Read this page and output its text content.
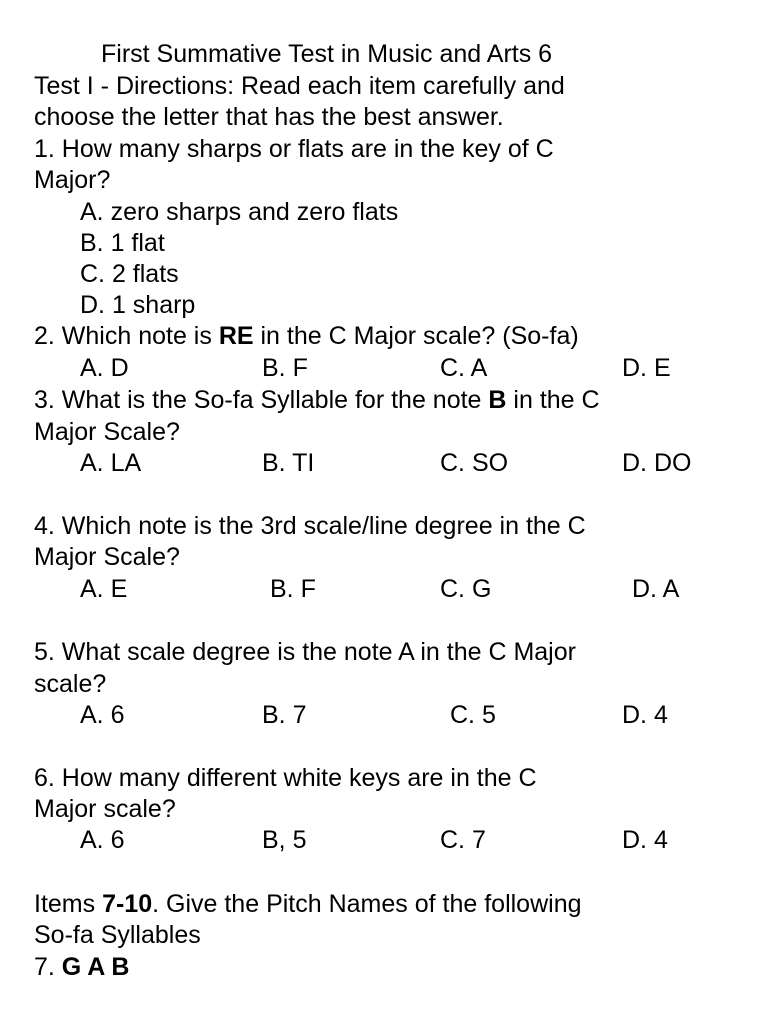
First Summative Test in Music and Arts 6
Test I - Directions: Read each item carefully and
choose the letter that has the best answer.
1. How many sharps or flats are in the key of C
Major?
A. zero sharps and zero flats
B. 1 flat
C. 2 flats
D. 1 sharp
2. Which note is RE in the C Major scale? (So-fa)
A. D	B. F	C. A	D. E
3. What is the So-fa Syllable for the note B in the C
Major Scale?
A. LA	B. TI	C. SO	D. DO
4. Which note is the 3rd scale/line degree in the C
Major Scale?
A. E	B. F	C. G	D. A
5. What scale degree is the note A in the C Major
scale?
A. 6	B. 7	C. 5	D. 4
6. How many different white keys are in the C
Major scale?
A. 6	B, 5	C. 7	D. 4
Items 7-10. Give the Pitch Names of the following
So-fa Syllables
7. G A B
